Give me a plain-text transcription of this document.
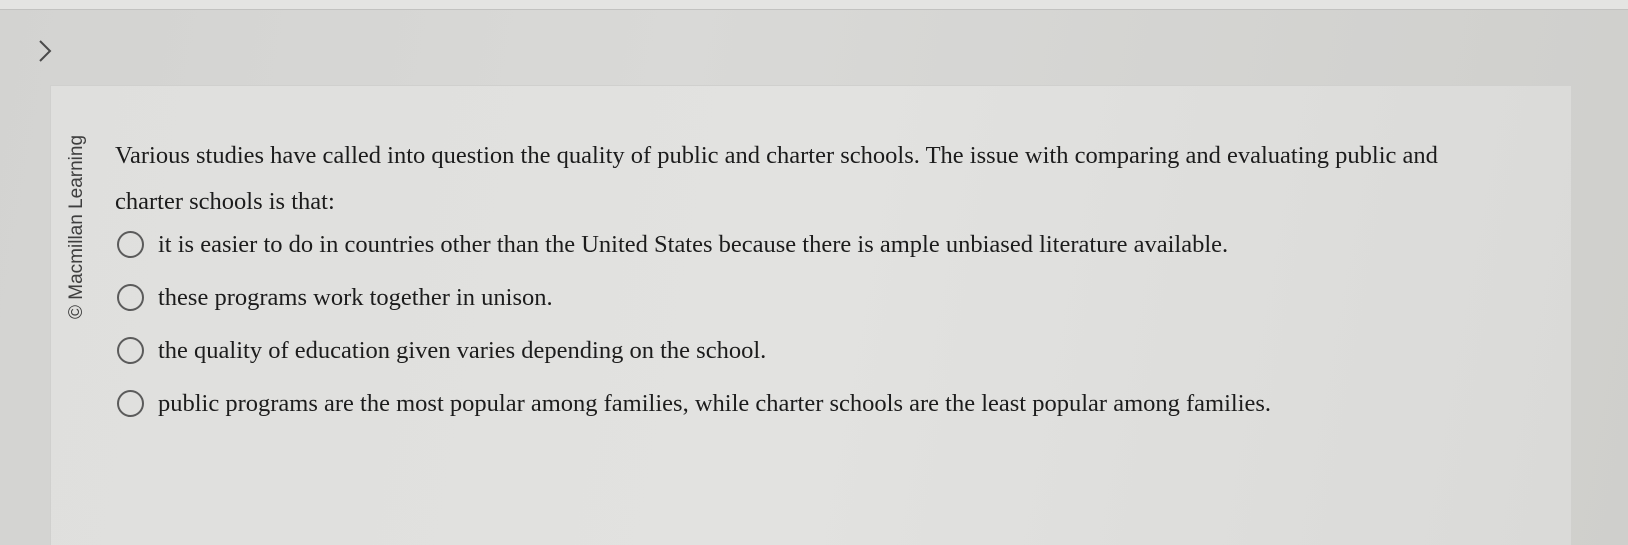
© Macmillan Learning Various studies have called into question the quality of public and charter schools. The issue with comparing and evaluating public and charter schools is that:

it is easier to do in countries other than the United States because there is ample unbiased literature available.
these programs work together in unison.
the quality of education given varies depending on the school.
public programs are the most popular among families, while charter schools are the least popular among families.
